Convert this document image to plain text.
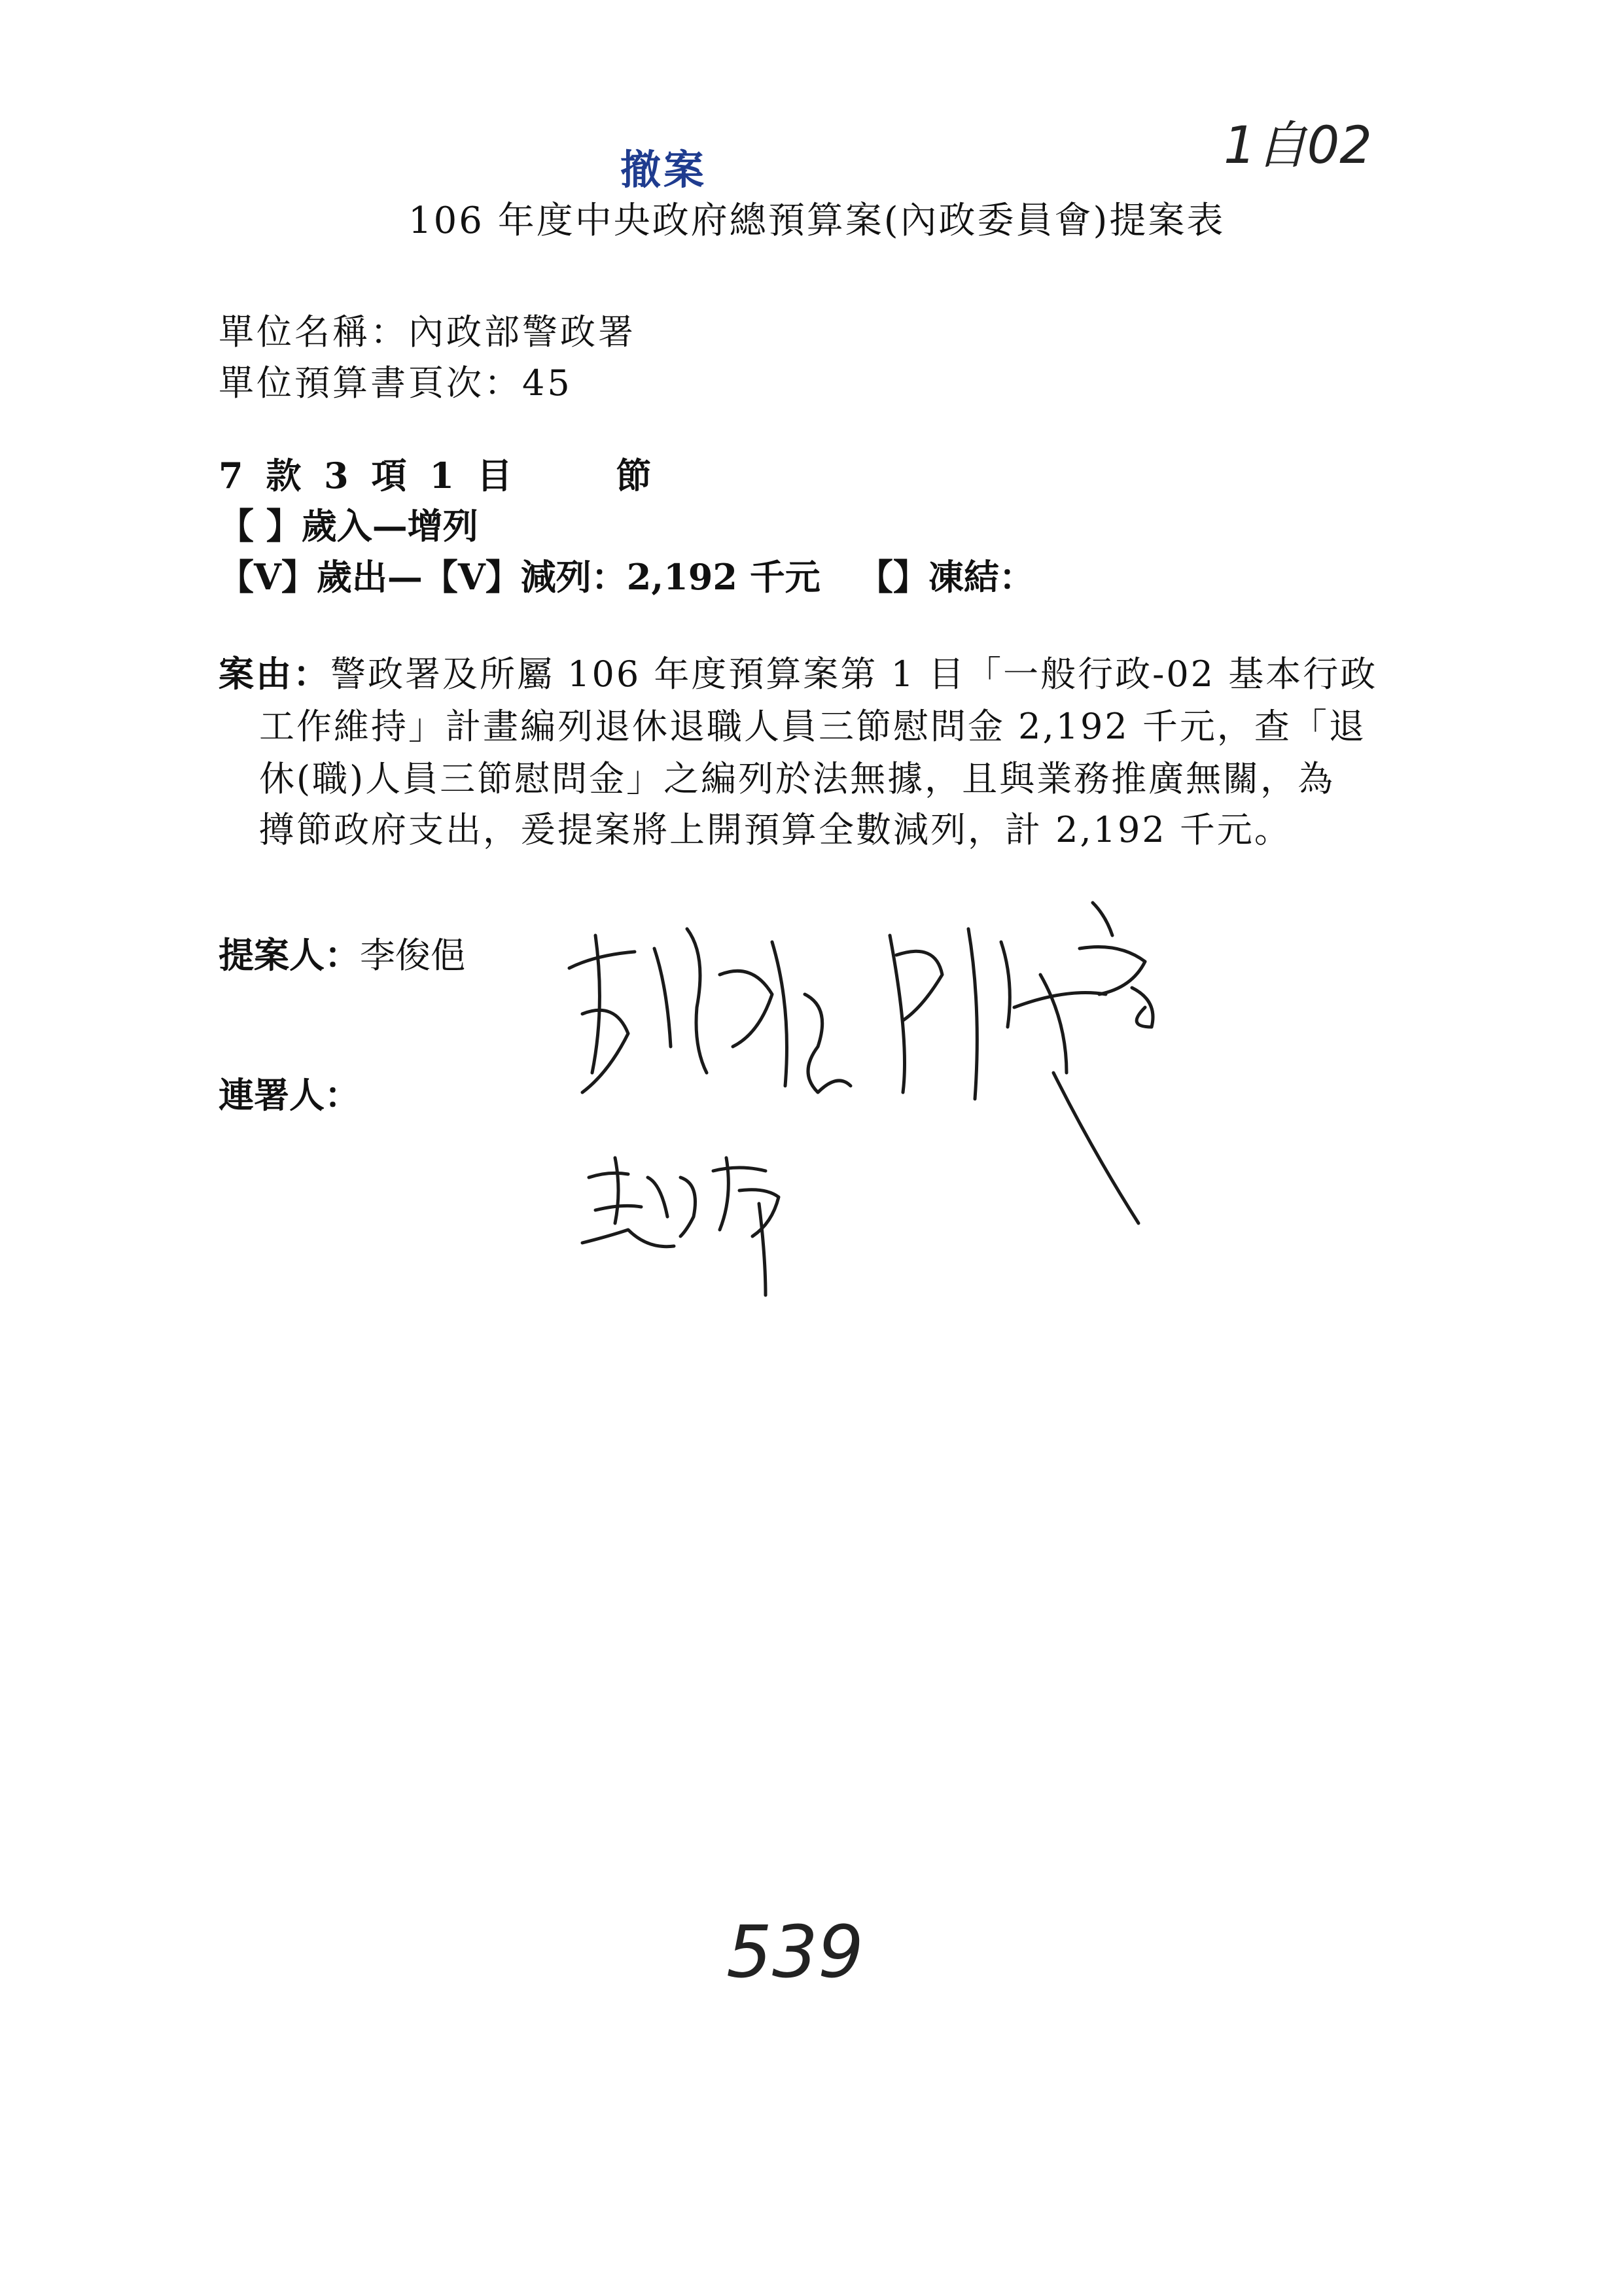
1自02
撤案
106 年度中央政府總預算案(內政委員會)提案表
單位名稱：內政部警政署
單位預算書頁次：45
7 款 3 項 1 目　　 節
【 】歲入—增列
【V】歲出—【V】減列：2,192 千元 【】凍結：
案由：警政署及所屬 106 年度預算案第 1 目「一般行政-02 基本行政
工作維持」計畫編列退休退職人員三節慰問金 2,192 千元，查「退
休(職)人員三節慰問金」之編列於法無據，且與業務推廣無關，為
撙節政府支出，爰提案將上開預算全數減列，計 2,192 千元。
提案人：李俊俋
連署人：
539
